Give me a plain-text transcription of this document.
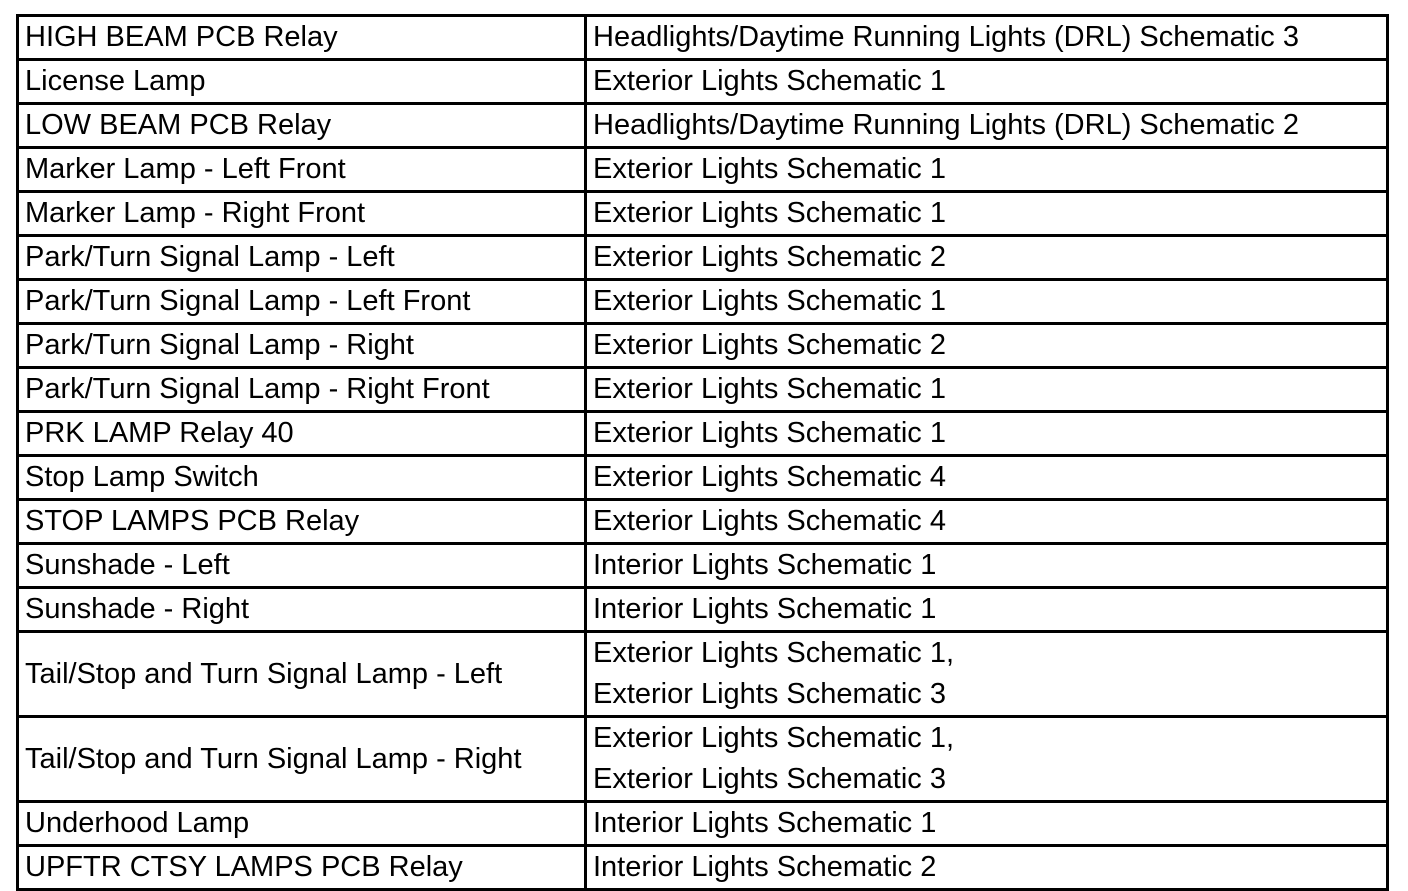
HIGH BEAM PCB Relay	Headlights/Daytime Running Lights (DRL) Schematic 3

License Lamp	Exterior Lights Schematic 1

LOW BEAM PCB Relay	Headlights/Daytime Running Lights (DRL) Schematic 2

Marker Lamp - Left Front	Exterior Lights Schematic 1

Marker Lamp - Right Front	Exterior Lights Schematic 1

Park/Turn Signal Lamp - Left	Exterior Lights Schematic 2

Park/Turn Signal Lamp - Left Front	Exterior Lights Schematic 1

Park/Turn Signal Lamp - Right	Exterior Lights Schematic 2

Park/Turn Signal Lamp - Right Front	Exterior Lights Schematic 1

PRK LAMP Relay 40	Exterior Lights Schematic 1

Stop Lamp Switch	Exterior Lights Schematic 4

STOP LAMPS PCB Relay	Exterior Lights Schematic 4

Sunshade - Left	Interior Lights Schematic 1

Sunshade - Right	Interior Lights Schematic 1

Tail/Stop and Turn Signal Lamp - Left	Exterior Lights Schematic 1,
Exterior Lights Schematic 3

Tail/Stop and Turn Signal Lamp - Right	Exterior Lights Schematic 1,
Exterior Lights Schematic 3

Underhood Lamp	Interior Lights Schematic 1

UPFTR CTSY LAMPS PCB Relay	Interior Lights Schematic 2
